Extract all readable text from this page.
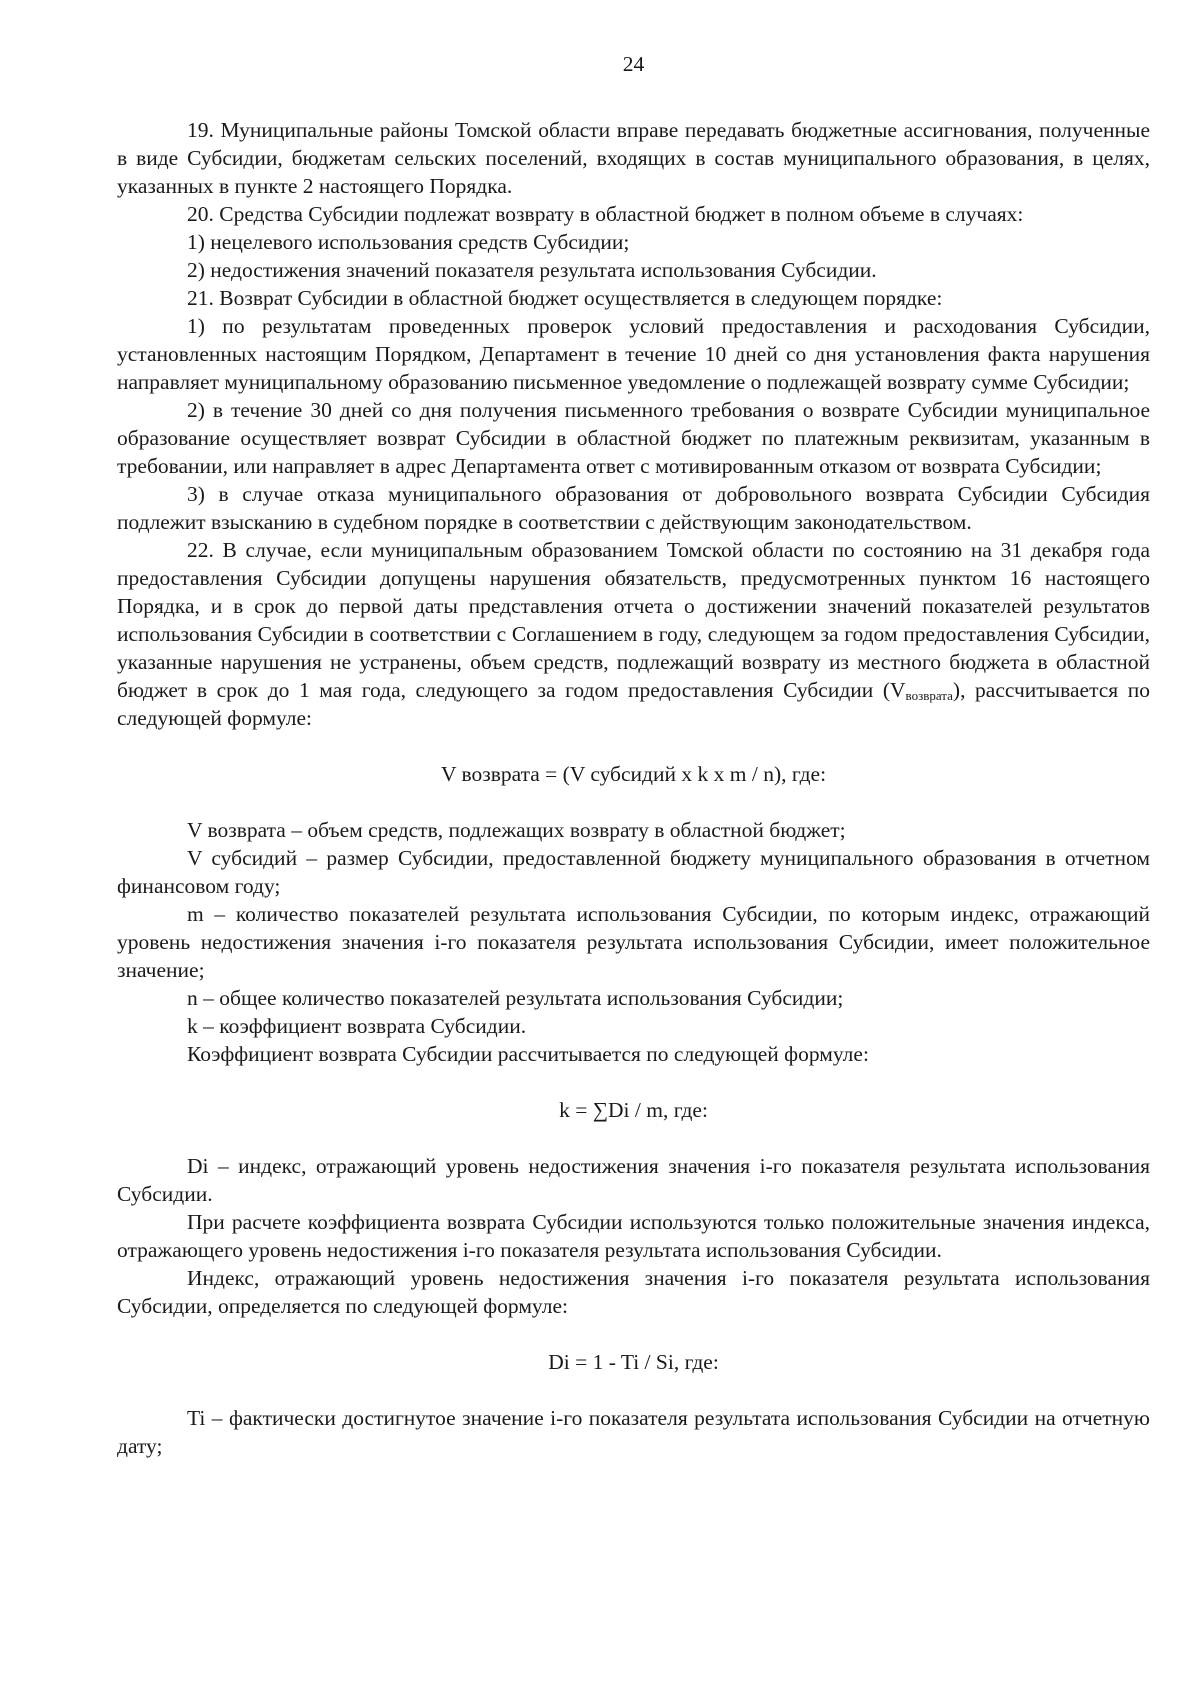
24

19. Муниципальные районы Томской области вправе передавать бюджетные ассигнования, полученные в виде Субсидии, бюджетам сельских поселений, входящих в состав муниципального образования, в целях, указанных в пункте 2 настоящего Порядка.

20. Средства Субсидии подлежат возврату в областной бюджет в полном объеме в случаях:

1) нецелевого использования средств Субсидии;

2) недостижения значений показателя результата использования Субсидии.

21. Возврат Субсидии в областной бюджет осуществляется в следующем порядке:

1) по результатам проведенных проверок условий предоставления и расходования Субсидии, установленных настоящим Порядком, Департамент в течение 10 дней со дня установления факта нарушения направляет муниципальному образованию письменное уведомление о подлежащей возврату сумме Субсидии;

2) в течение 30 дней со дня получения письменного требования о возврате Субсидии муниципальное образование осуществляет возврат Субсидии в областной бюджет по платежным реквизитам, указанным в требовании, или направляет в адрес Департамента ответ с мотивированным отказом от возврата Субсидии;

3) в случае отказа муниципального образования от добровольного возврата Субсидии Субсидия подлежит взысканию в судебном порядке в соответствии с действующим законодательством.

22. В случае, если муниципальным образованием Томской области по состоянию на 31 декабря года предоставления Субсидии допущены нарушения обязательств, предусмотренных пунктом 16 настоящего Порядка, и в срок до первой даты представления отчета о достижении значений показателей результатов использования Субсидии в соответствии с Соглашением в году, следующем за годом предоставления Субсидии, указанные нарушения не устранены, объем средств, подлежащий возврату из местного бюджета в областной бюджет в срок до 1 мая года, следующего за годом предоставления Субсидии $(V_{возврата})$, рассчитывается по следующей формуле:

V возврата = (V субсидий x k x m / n), где:

V возврата – объем средств, подлежащих возврату в областной бюджет;

V субсидий – размер Субсидии, предоставленной бюджету муниципального образования в отчетном финансовом году;

m – количество показателей результата использования Субсидии, по которым индекс, отражающий уровень недостижения значения i-го показателя результата использования Субсидии, имеет положительное значение;

n – общее количество показателей результата использования Субсидии;

k – коэффициент возврата Субсидии.

Коэффициент возврата Субсидии рассчитывается по следующей формуле:

k = ∑Di / m, где:

Di – индекс, отражающий уровень недостижения значения i-го показателя результата использования Субсидии.

При расчете коэффициента возврата Субсидии используются только положительные значения индекса, отражающего уровень недостижения i-го показателя результата использования Субсидии.

Индекс, отражающий уровень недостижения значения i-го показателя результата использования Субсидии, определяется по следующей формуле:

Di = 1 - Ti / Si, где:

Ti – фактически достигнутое значение i-го показателя результата использования Субсидии на отчетную дату;
